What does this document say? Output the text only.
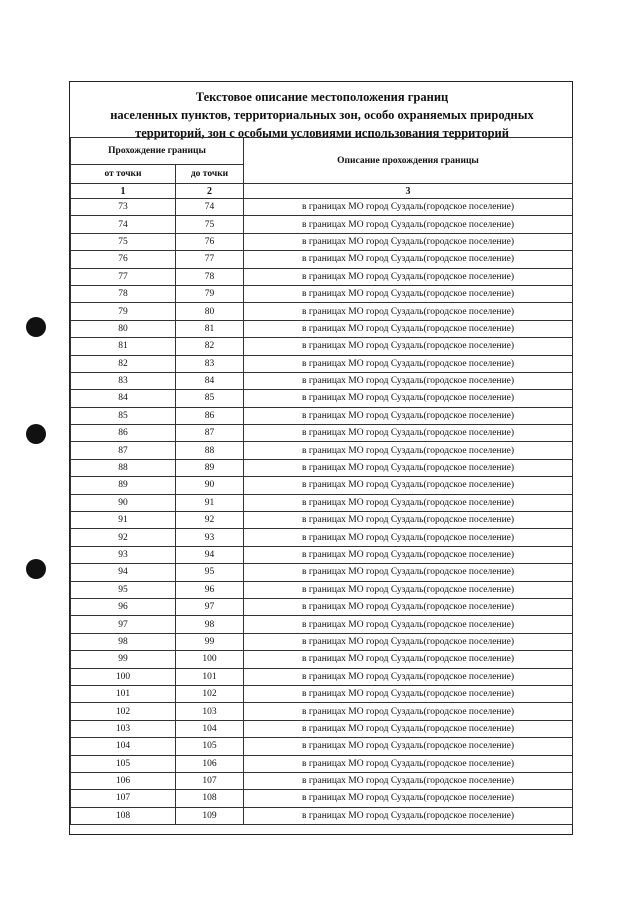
Текстовое описание местоположения границ
населенных пунктов, территориальных зон, особо охраняемых природных
территорий, зон с особыми условиями использования территорий
Прохождение границы		Описание прохождения границы
от точки	до точки	
1	2	3
73	74	в границах МО город Суздаль(городское поселение)
74	75	в границах МО город Суздаль(городское поселение)
75	76	в границах МО город Суздаль(городское поселение)
76	77	в границах МО город Суздаль(городское поселение)
77	78	в границах МО город Суздаль(городское поселение)
78	79	в границах МО город Суздаль(городское поселение)
79	80	в границах МО город Суздаль(городское поселение)
80	81	в границах МО город Суздаль(городское поселение)
81	82	в границах МО город Суздаль(городское поселение)
82	83	в границах МО город Суздаль(городское поселение)
83	84	в границах МО город Суздаль(городское поселение)
84	85	в границах МО город Суздаль(городское поселение)
85	86	в границах МО город Суздаль(городское поселение)
86	87	в границах МО город Суздаль(городское поселение)
87	88	в границах МО город Суздаль(городское поселение)
88	89	в границах МО город Суздаль(городское поселение)
89	90	в границах МО город Суздаль(городское поселение)
90	91	в границах МО город Суздаль(городское поселение)
91	92	в границах МО город Суздаль(городское поселение)
92	93	в границах МО город Суздаль(городское поселение)
93	94	в границах МО город Суздаль(городское поселение)
94	95	в границах МО город Суздаль(городское поселение)
95	96	в границах МО город Суздаль(городское поселение)
96	97	в границах МО город Суздаль(городское поселение)
97	98	в границах МО город Суздаль(городское поселение)
98	99	в границах МО город Суздаль(городское поселение)
99	100	в границах МО город Суздаль(городское поселение)
100	101	в границах МО город Суздаль(городское поселение)
101	102	в границах МО город Суздаль(городское поселение)
102	103	в границах МО город Суздаль(городское поселение)
103	104	в границах МО город Суздаль(городское поселение)
104	105	в границах МО город Суздаль(городское поселение)
105	106	в границах МО город Суздаль(городское поселение)
106	107	в границах МО город Суздаль(городское поселение)
107	108	в границах МО город Суздаль(городское поселение)
108	109	в границах МО город Суздаль(городское поселение)
